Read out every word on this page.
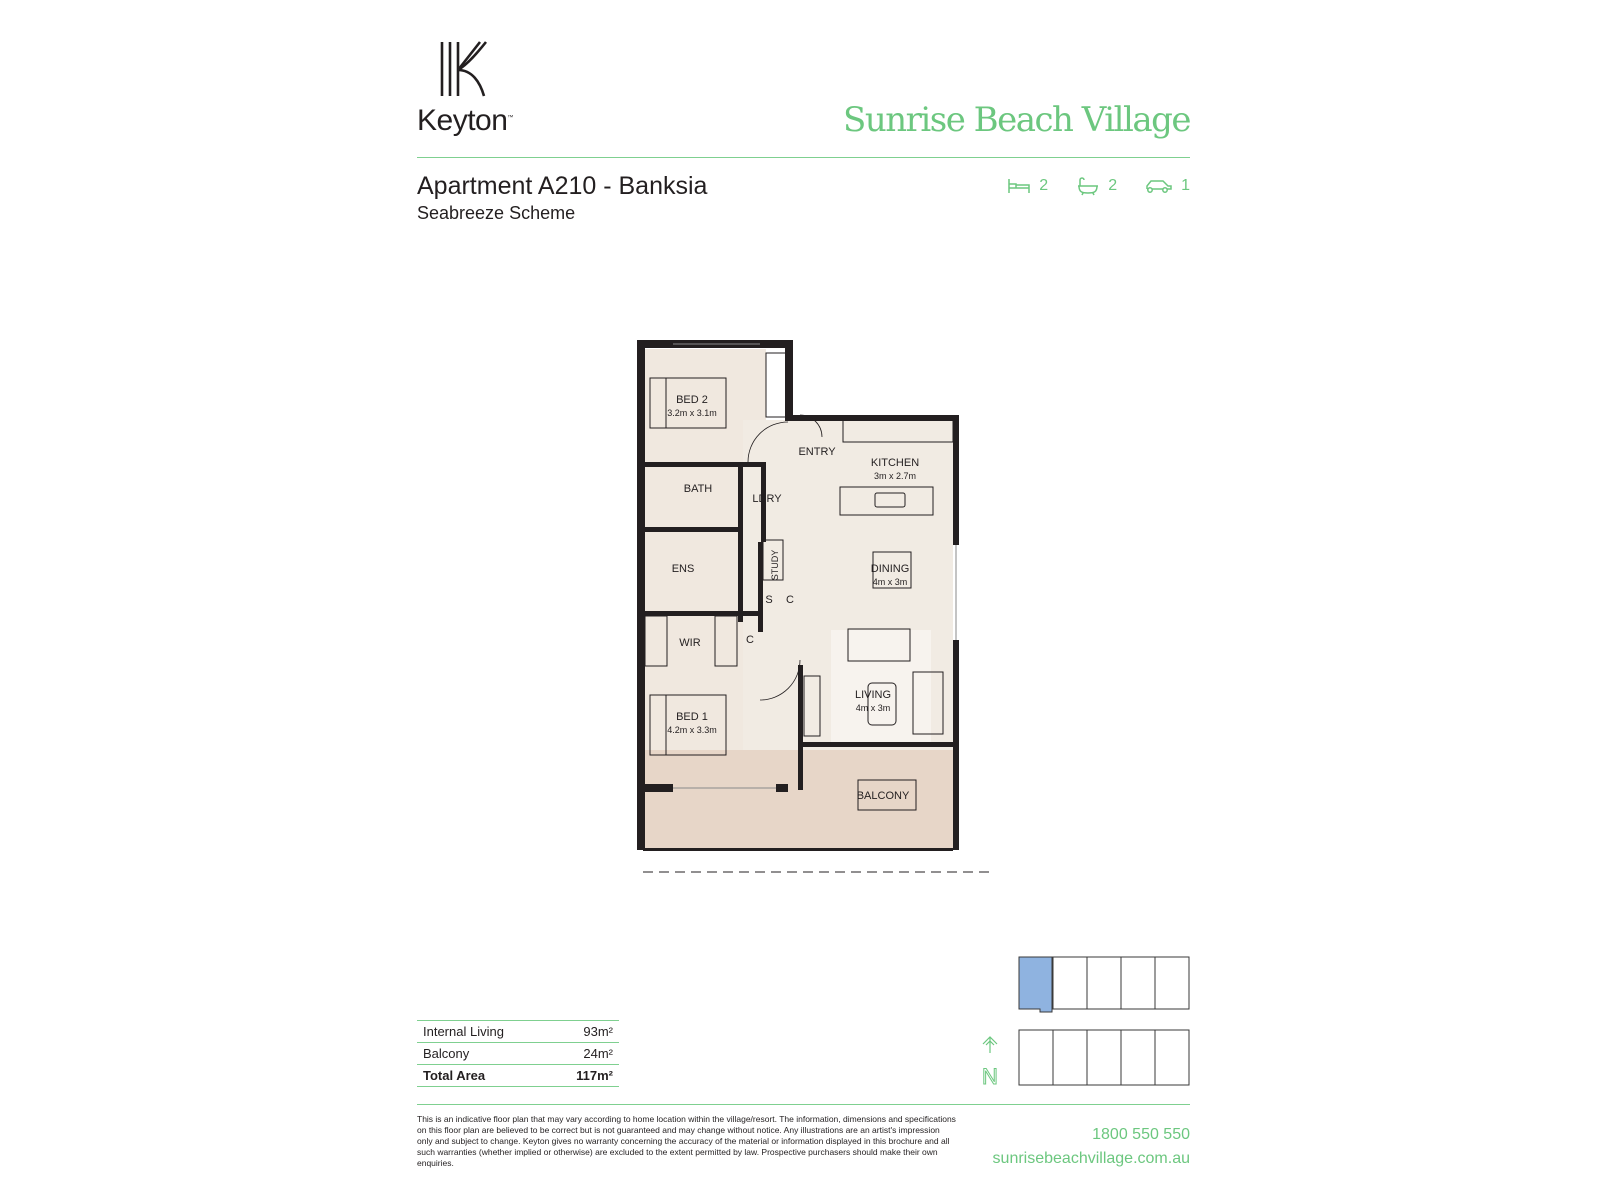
Keyton™	Sunrise Beach Village
Apartment A210 - Banksia
Seabreeze Scheme
2	2	1
BED 2
3.2m x 3.1m
BATH
LDRY
ENTRY
KITCHEN
3m x 2.7m
ENS	STUDY
S C
C
DINING
4m x 3m
WIR
BED 1
4.2m x 3.3m
LIVING
4m x 3m
BALCONY
Internal Living	93m²
Balcony	24m²
Total Area	117m²	N
This is an indicative floor plan that may vary according to home location within the village/resort. The information, dimensions and specifications on this floor plan are believed to be correct but is not guaranteed and may change without notice. Any illustrations are an artist's impression only and subject to change. Keyton gives no warranty concerning the accuracy of the material or information displayed in this brochure and all such warranties (whether implied or otherwise) are excluded to the extent permitted by law. Prospective purchasers should make their own enquiries.
1800 550 550
sunrisebeachvillage.com.au
